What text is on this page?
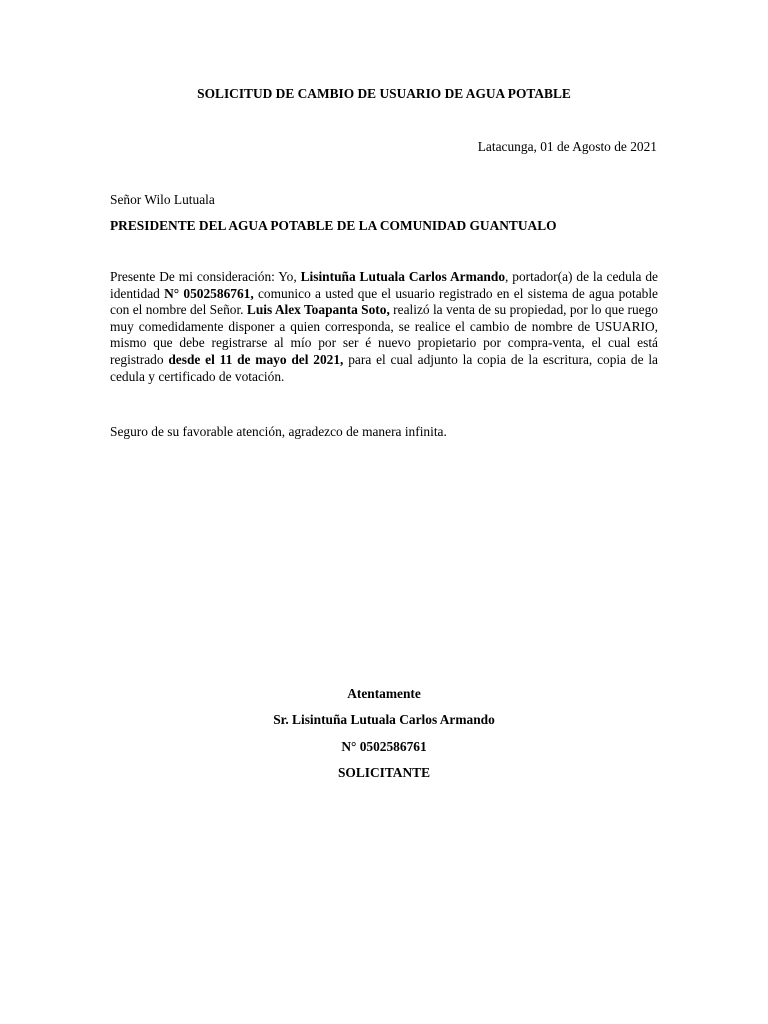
SOLICITUD DE CAMBIO DE USUARIO DE AGUA POTABLE
Latacunga, 01 de Agosto de 2021
Señor Wilo Lutuala
PRESIDENTE DEL AGUA POTABLE DE LA COMUNIDAD GUANTUALO
Presente De mi consideración: Yo, Lisintuña Lutuala Carlos Armando, portador(a) de la cedula de identidad N° 0502586761, comunico a usted que el usuario registrado en el sistema de agua potable con el nombre del Señor. Luis Alex Toapanta Soto, realizó la venta de su propiedad, por lo que ruego muy comedidamente disponer a quien corresponda, se realice el cambio de nombre de USUARIO, mismo que debe registrarse al mío por ser é nuevo propietario por compra-venta, el cual está registrado desde el 11 de mayo del 2021, para el cual adjunto la copia de la escritura, copia de la cedula y certificado de votación.
Seguro de su favorable atención, agradezco de manera infinita.
Atentamente
Sr. Lisintuña Lutuala Carlos Armando
N° 0502586761
SOLICITANTE
